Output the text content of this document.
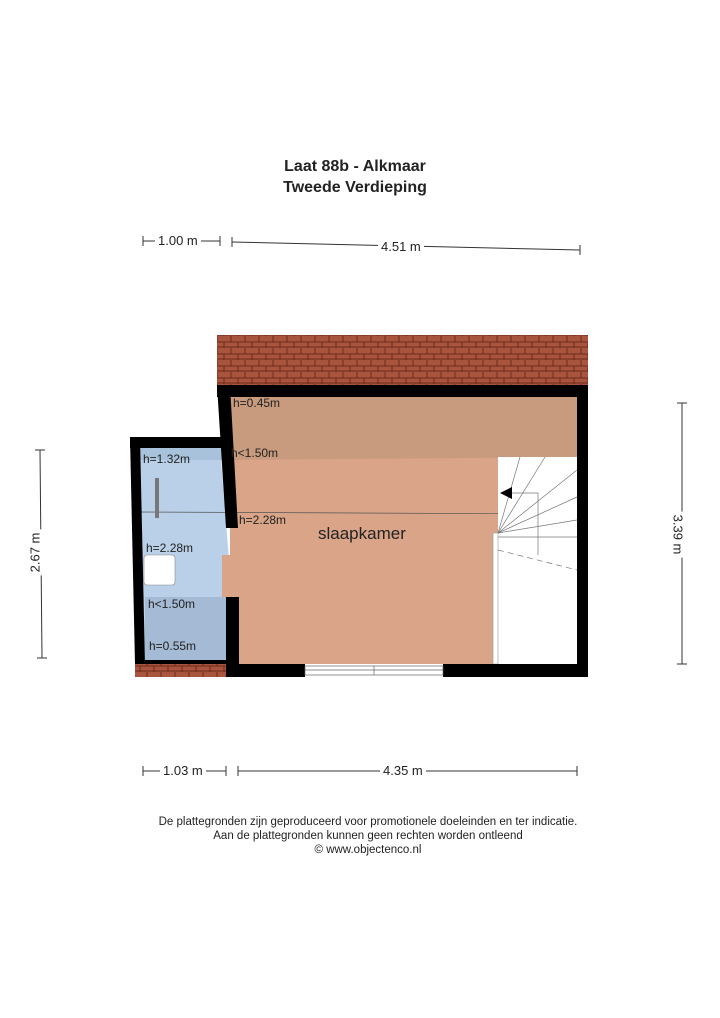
Laat 88b - Alkmaar
Tweede Verdieping
1.00 m	4.51 m
1.03 m	4.35 m
2.67 m	3.39 m
slaapkamer
h=0.45m
h<1.50m
h=2.28m
h=1.32m
h=2.28m
h<1.50m
h=0.55m
De plattegronden zijn geproduceerd voor promotionele doeleinden en ter indicatie.
Aan de plattegronden kunnen geen rechten worden ontleend
© www.objectenco.nl
